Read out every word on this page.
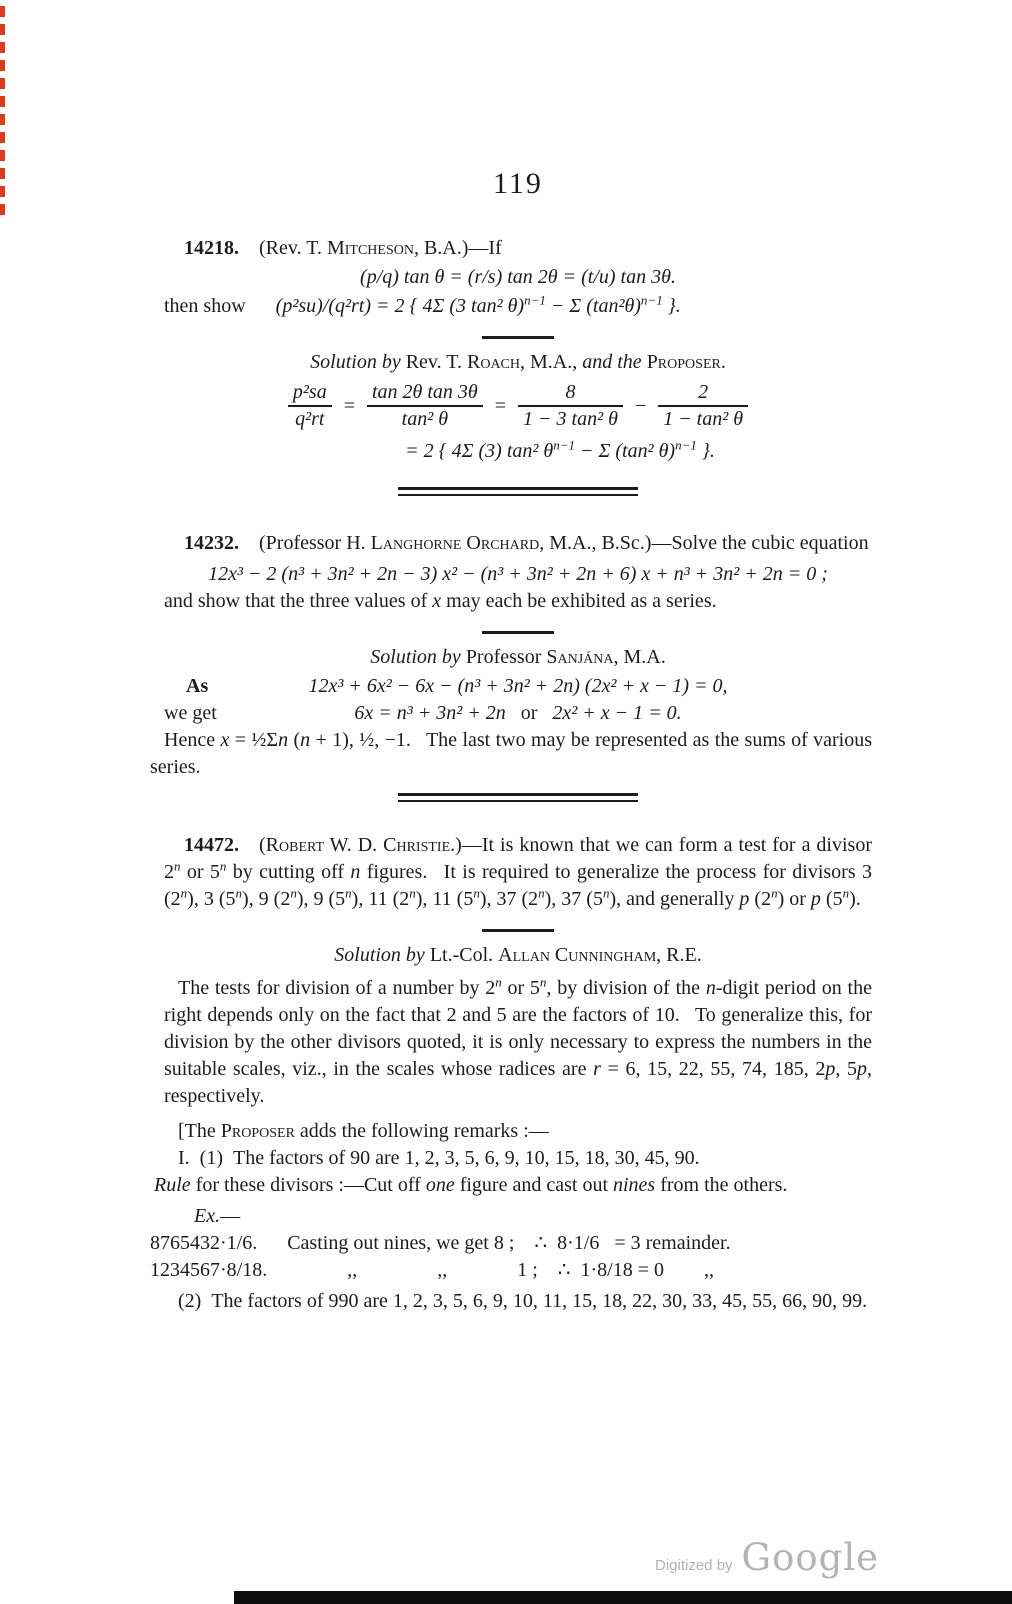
119

14218. (Rev. T. Mitcheson, B.A.)—If

(p/q) tan θ = (r/s) tan 2θ = (t/u) tan 3θ.

then show  (p²su)/(q²rt) = 2 { 4Σ (3 tan² θ)$^{n-1}$ − Σ $(\tan^2\theta)^{n-1}$ }.

Solution by Rev. T. Roach, M.A., and the Proposer.

$\frac{\text{p²sa}}{\text{q²rt}} = \frac{\text{tan 2θ tan 3θ}}{\text{tan² θ}} = \frac{8}{\text{1 − 3 tan² θ}} - \frac{2}{\text{1 − tan² θ}}$

= 2 { 4Σ (3) tan² $\theta^{n-1} - \Sigma$ (tan² θ)$^{n-1}$ }.

14232. (Professor H. Langhorne Orchard, M.A., B.Sc.)—Solve the cubic equation

12x³ − 2 (n³ + 3n² + 2n − 3) x² − (n³ + 3n² + 2n + 6) x + n³ + 3n² + 2n = 0 ;

and show that the three values of x may each be exhibited as a series.

Solution by Professor Sanjána, M.A.

As	12x³ + 6x² − 6x − (n³ + 3n² + 2n) (2x² + x − 1) = 0,

we get	6x = n³ + 3n² + 2n  or  2x² + x − 1 = 0.

Hence x = ½Σn (n + 1), ½, −1.  The last two may be represented as the sums of various series.

14472. (Robert W. D. Christie.)—It is known that we can form a test for a divisor 2$^n$ or 5$^n$ by cutting off n figures.  It is required to generalize the process for divisors 3 (2$^n$), 3 (5$^n$), 9 (2$^n$), 9 (5$^n$), 11 (2$^n$), 11 (5$^n$), 37 (2$^n$), 37 (5$^n$), and generally p (2$^n$) or p (5$^n$).

Solution by Lt.-Col. Allan Cunningham, R.E.

The tests for division of a number by 2$^n$ or 5$^n$, by division of the n-digit period on the right depends only on the fact that 2 and 5 are the factors of 10.  To generalize this, for division by the other divisors quoted, it is only necessary to express the numbers in the suitable scales, viz., in the scales whose radices are r = 6, 15, 22, 55, 74, 185, 2p, 5p, respectively.

[The Proposer adds the following remarks :—

I. (1) The factors of 90 are 1, 2, 3, 5, 6, 9, 10, 15, 18, 30, 45, 90.

Rule for these divisors :—Cut off one figure and cast out nines from the others.

Ex.—

8765432·1/6.   Casting out nines, we get 8 ;  ∴ 8·1/6  = 3 remainder.

1234567·8/18.        ,,        ,,       1 ;  ∴ 1·8/18 = 0    ,,

(2) The factors of 990 are 1, 2, 3, 5, 6, 9, 10, 11, 15, 18, 22, 30, 33, 45, 55, 66, 90, 99.

Digitized by Google
